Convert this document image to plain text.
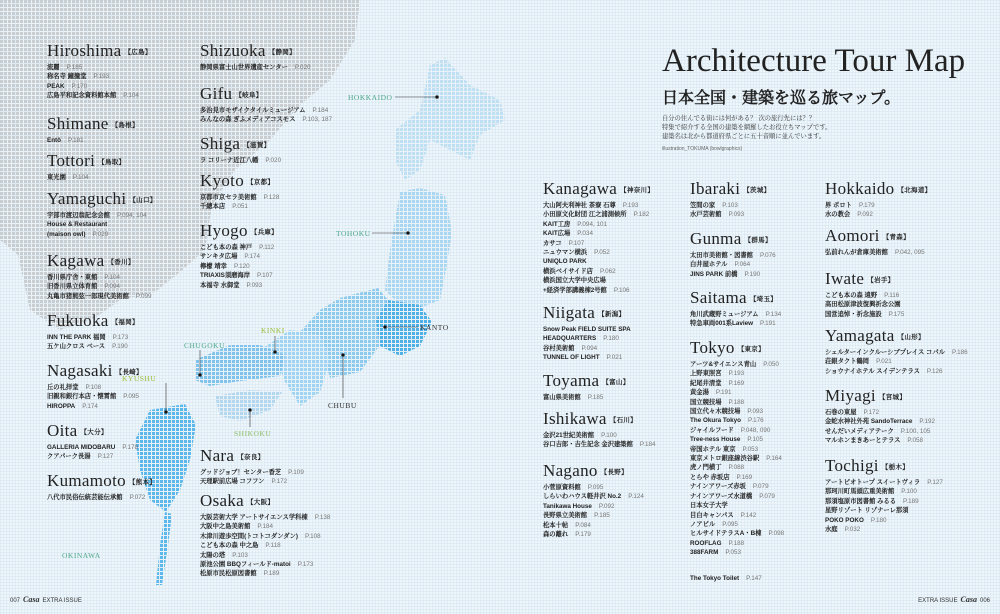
HOKKAIDO
TOHOKU
KANTO
CHUBU
KINKI
CHUGOKU
SHIKOKU
KYUSHU
OKINAWA
Architecture Tour Map
日本全国・建築を巡る旅マップ。

自分の住んでる街には何がある？ 次の旅行先には？？
特集で紹介する全国の建築を網羅したお役立ちマップです。
建築名は北から都道府県ごとに五十音順に並んでいます。

illustration_TOKUMA (bowlgraphics)

Hiroshima 【広島】
流麗 P.185
称名寺 鐘撞堂 P.193
PEAK P.170
広島平和記念資料館本館 P.104
Shimane 【島根】
Entô P.181
Tottori 【鳥取】
東光園 P.104
Yamaguchi 【山口】
宇部市渡辺翁記念会館 P.094, 104
House & Restaurant
(maison owl) P.029
Kagawa 【香川】
香川県庁舎・東館 P.104
旧香川県立体育館 P.094
丸亀市猪熊弦一郎現代美術館 P.099
Fukuoka 【福岡】
INN THE PARK 福岡 P.173
五ケ山クロス ベース P.190
Nagasaki 【長崎】
丘の礼拝堂 P.108
旧親和銀行本店・懐霄館 P.095
HIROPPA P.174
Oita 【大分】
GALLERIA MIDOBARU P.178
クアパーク長湯 P.127
Kumamoto 【熊本】
八代市民俗伝統芸能伝承館 P.072
Shizuoka 【静岡】
静岡県富士山世界遺産センター P.020
Gifu 【岐阜】
多治見市モザイクタイルミュージアム P.184
みんなの森 ぎふメディアコスモス P.103, 187
Shiga 【滋賀】
ラ コリーナ近江八幡 P.020
Kyoto 【京都】
京都市京セラ美術館 P.128
千總本店 P.051
Hyogo 【兵庫】
こども本の森 神戸 P.112
サンキタ広場 P.174
檸檬 靖幸 P.120
TRIAXIS須磨海岸 P.107
本福寺 水御堂 P.093
Nara 【奈良】
グッドジョブ！センター香芝 P.109
天理駅前広場 コフフン P.172
Osaka 【大阪】
大阪芸術大学 アートサイエンス学科棟 P.138
大阪中之島美術館 P.184
木津川遊歩空間(トコトコダンダン) P.108
こども本の森 中之島 P.118
太陽の塔 P.103
原池公園 BBQフィールド-matoi P.173
松原市民松原図書館 P.189
Kanagawa 【神奈川】
大山阿夫利神社 茶寮 石尊 P.193
小田原文化財団 江之浦測候所 P.182
KAIT工房 P.094, 101
KAIT広場 P.034
カサコ P.107
ニュウマン横浜 P.052
UNIQLO PARK
横浜ベイサイド店 P.062
横浜国立大学中央広場
+経済学部講義棟2号館 P.106
Niigata 【新潟】
Snow Peak FIELD SUITE SPA
HEADQUARTERS P.180
谷村美術館 P.094
TUNNEL OF LIGHT P.021
Toyama 【富山】
富山県美術館 P.185
Ishikawa 【石川】
金沢21世紀美術館 P.100
谷口吉郎・吉生記念 金沢建築館 P.184
Nagano 【長野】
小菅原資料館 P.095
しらいわハウス軽井沢 No.2 P.124
Tanikawa House P.092
長野県立美術館 P.185
松本十帖 P.084
森の離れ P.179
Ibaraki 【茨城】
笠間の家 P.103
水戸芸術館 P.093
Gunma 【群馬】
太田市美術館・図書館 P.076
白井屋ホテル P.064
JINS PARK 前橋 P.190
Saitama 【埼玉】
角川武蔵野ミュージアム P.134
特急車両001系Laview P.191
Tokyo 【東京】
アーツ&サイエンス青山 P.050
上野東照宮 P.193
紀尾井清堂 P.169
黄金湯 P.191
国立競技場 P.188
国立代々木競技場 P.093
The Okura Tokyo P.176
ジャイルフード P.048, 090
Tree-ness House P.105
帝国ホテル 東京 P.053
東京メトロ銀座線渋谷駅 P.164
虎ノ門横丁 P.088
とらや 赤坂店 P.169
ナインアワーズ赤坂 P.079
ナインアワーズ水道橋 P.079
日本女子大学
目白キャンパス P.142
ノアビル P.095
ヒルサイドテラスA・B棟 P.098
ROOFLAG P.188
388FARM P.053
The Tokyo Toilet P.147
Hokkaido 【北海道】
界 ポロト P.179
水の教会 P.092
Aomori 【青森】
弘前れんが倉庫美術館 P.042, 095
Iwate 【岩手】
こども本の森 遠野 P.116
高田松原津波復興祈念公園
国営追悼・祈念施設 P.175
Yamagata 【山形】
シェルターインクルーシブプレイス コパル P.186
荘銀タクト鶴岡 P.021
ショウナイホテル スイデンテラス P.126
Miyagi 【宮城】
石巻の東屋 P.172
金蛇水神社外苑 SandoTerrace P.192
せんだいメディアテーク P.100, 105
マルホンまきあーとテラス P.058
Tochigi 【栃木】
アートビオトープ スイートヴィラ P.127
那珂川町馬頭広重美術館 P.100
那須塩原市図書館 みるる P.189
星野リゾート リゾナーレ那須
POKO POKO P.180
水庭 P.032
007 Casa EXTRA ISSUE	EXTRA ISSUE Casa 006
